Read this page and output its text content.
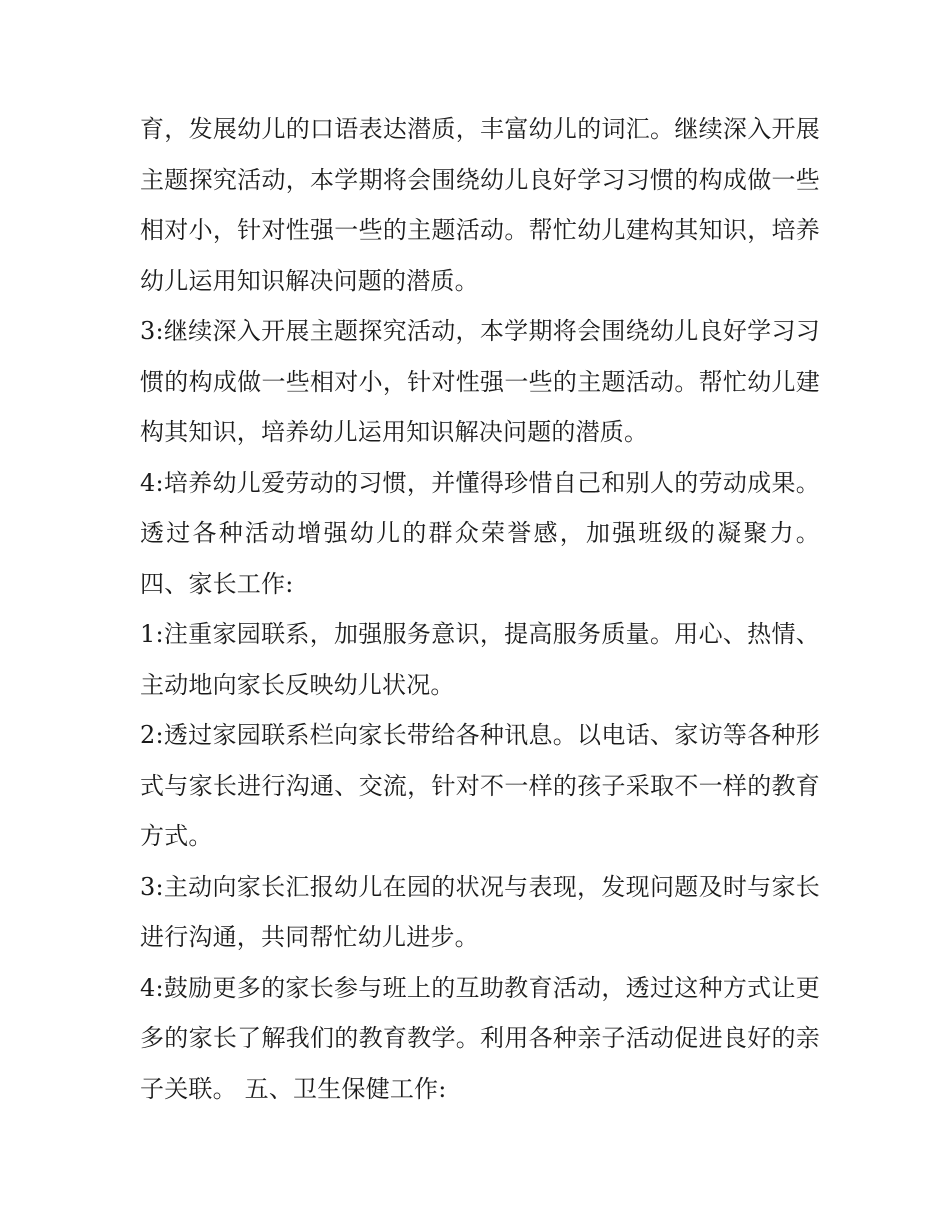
育，发展幼儿的口语表达潜质，丰富幼儿的词汇。继续深入开展主题探究活动，本学期将会围绕幼儿良好学习习惯的构成做一些相对小，针对性强一些的主题活动。帮忙幼儿建构其知识，培养幼儿运用知识解决问题的潜质。

3:继续深入开展主题探究活动，本学期将会围绕幼儿良好学习习惯的构成做一些相对小，针对性强一些的主题活动。帮忙幼儿建构其知识，培养幼儿运用知识解决问题的潜质。

4:培养幼儿爱劳动的习惯，并懂得珍惜自己和别人的劳动成果。透过各种活动增强幼儿的群众荣誉感，加强班级的凝聚力。 四、家长工作:

1:注重家园联系，加强服务意识，提高服务质量。用心、热情、主动地向家长反映幼儿状况。

2:透过家园联系栏向家长带给各种讯息。以电话、家访等各种形式与家长进行沟通、交流，针对不一样的孩子采取不一样的教育方式。

3:主动向家长汇报幼儿在园的状况与表现，发现问题及时与家长进行沟通，共同帮忙幼儿进步。

4:鼓励更多的家长参与班上的互助教育活动，透过这种方式让更多的家长了解我们的教育教学。利用各种亲子活动促进良好的亲子关联。 五、卫生保健工作:
